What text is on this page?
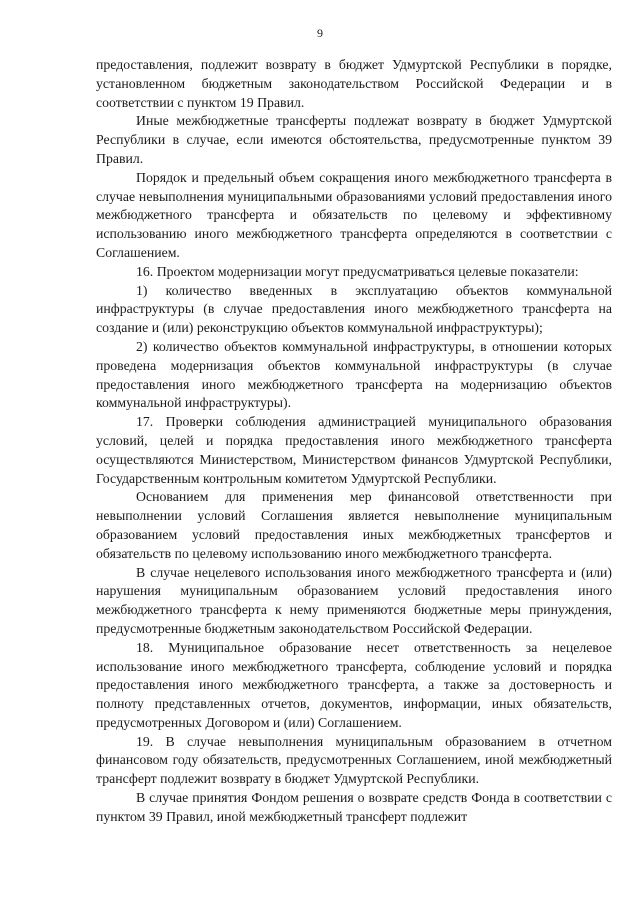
9

предоставления, подлежит возврату в бюджет Удмуртской Республики в порядке, установленном бюджетным законодательством Российской Федерации и в соответствии с пунктом 19 Правил.

Иные межбюджетные трансферты подлежат возврату в бюджет Удмуртской Республики в случае, если имеются обстоятельства, предусмотренные пунктом 39 Правил.

Порядок и предельный объем сокращения иного межбюджетного трансферта в случае невыполнения муниципальными образованиями условий предоставления иного межбюджетного трансферта и обязательств по целевому и эффективному использованию иного межбюджетного трансферта определяются в соответствии с Соглашением.

16. Проектом модернизации могут предусматриваться целевые показатели:

1) количество введенных в эксплуатацию объектов коммунальной инфраструктуры (в случае предоставления иного межбюджетного трансферта на создание и (или) реконструкцию объектов коммунальной инфраструктуры);

2) количество объектов коммунальной инфраструктуры, в отношении которых проведена модернизация объектов коммунальной инфраструктуры (в случае предоставления иного межбюджетного трансферта на модернизацию объектов коммунальной инфраструктуры).

17. Проверки соблюдения администрацией муниципального образования условий, целей и порядка предоставления иного межбюджетного трансферта осуществляются Министерством, Министерством финансов Удмуртской Республики, Государственным контрольным комитетом Удмуртской Республики.

Основанием для применения мер финансовой ответственности при невыполнении условий Соглашения является невыполнение муниципальным образованием условий предоставления иных межбюджетных трансфертов и обязательств по целевому использованию иного межбюджетного трансферта.

В случае нецелевого использования иного межбюджетного трансферта и (или) нарушения муниципальным образованием условий предоставления иного межбюджетного трансферта к нему применяются бюджетные меры принуждения, предусмотренные бюджетным законодательством Российской Федерации.

18. Муниципальное образование несет ответственность за нецелевое использование иного межбюджетного трансферта, соблюдение условий и порядка предоставления иного межбюджетного трансферта, а также за достоверность и полноту представленных отчетов, документов, информации, иных обязательств, предусмотренных Договором и (или) Соглашением.

19. В случае невыполнения муниципальным образованием в отчетном финансовом году обязательств, предусмотренных Соглашением, иной межбюджетный трансферт подлежит возврату в бюджет Удмуртской Республики.

В случае принятия Фондом решения о возврате средств Фонда в соответствии с пунктом 39 Правил, иной межбюджетный трансферт подлежит
